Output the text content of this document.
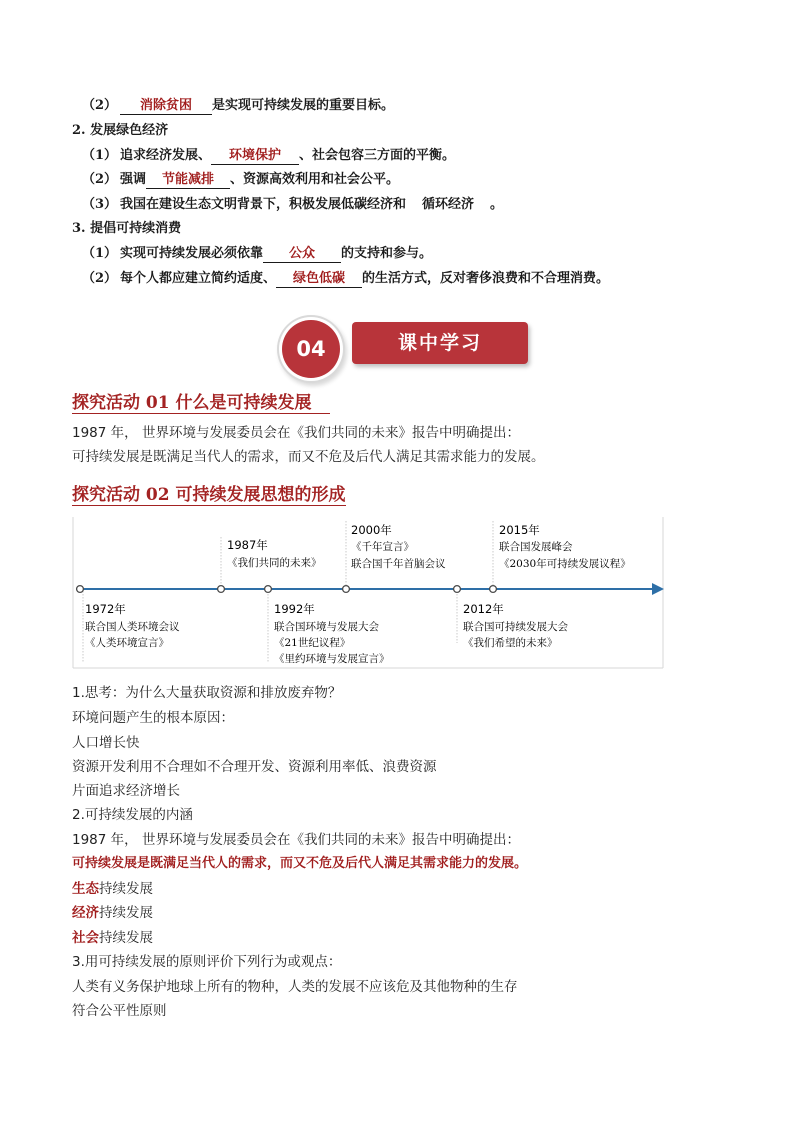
（2） 消除贫困 是实现可持续发展的重要目标。
2. 发展绿色经济
（1） 追求经济发展、 环境保护 、社会包容三方面的平衡。
（2） 强调 节能减排 、资源高效利用和社会公平。
（3） 我国在建设生态文明背景下，积极发展低碳经济和 循环经济 。
3. 提倡可持续消费
（1） 实现可持续发展必须依靠 公众 的支持和参与。
（2） 每个人都应建立简约适度、 绿色低碳 的生活方式，反对奢侈浪费和不合理消费。
04	课中学习
探究活动 01 什么是可持续发展
1987 年， 世界环境与发展委员会在《我们共同的未来》报告中明确提出：
可持续发展是既满足当代人的需求，而又不危及后代人满足其需求能力的发展。
探究活动 02 可持续发展思想的形成
1987年
《我们共同的未来》
2000年
《千年宣言》
联合国千年首脑会议
2015年
联合国发展峰会
《2030年可持续发展议程》
1972年
联合国人类环境会议
《人类环境宣言》
1992年
联合国环境与发展大会
《21世纪议程》
《里约环境与发展宣言》
2012年
联合国可持续发展大会
《我们希望的未来》
1.思考：为什么大量获取资源和排放废弃物？
环境问题产生的根本原因：
人口增长快
资源开发利用不合理如不合理开发、资源利用率低、浪费资源
片面追求经济增长
2.可持续发展的内涵
1987 年， 世界环境与发展委员会在《我们共同的未来》报告中明确提出：
可持续发展是既满足当代人的需求，而又不危及后代人满足其需求能力的发展。
生态持续发展
经济持续发展
社会持续发展
3.用可持续发展的原则评价下列行为或观点：
人类有义务保护地球上所有的物种，人类的发展不应该危及其他物种的生存
符合公平性原则
